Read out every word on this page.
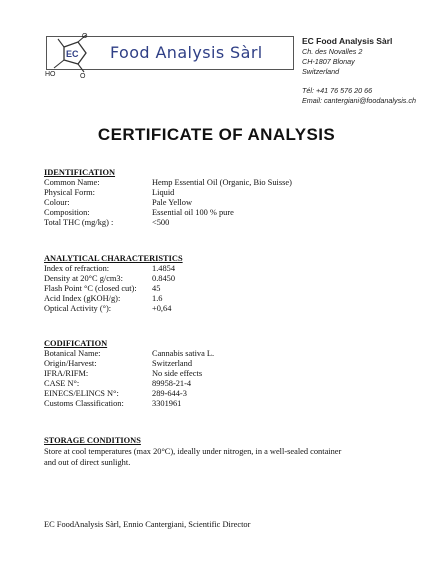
EC
O
HO	O
Food Analysis Sàrl
EC Food Analysis Sàrl
Ch. des Novalles 2
CH-1807 Blonay
Switzerland
Tél: +41 76 576 20 66
Email: cantergiani@foodanalysis.ch
CERTIFICATE OF ANALYSIS
IDENTIFICATION
Common Name:	Hemp Essential Oil (Organic, Bio Suisse)
Physical Form:	Liquid
Colour:	Pale Yellow
Composition:	Essential oil 100 % pure
Total THC (mg/kg) :	<500
ANALYTICAL CHARACTERISTICS
Index of refraction:	1.4854
Density at 20°C g/cm3:	0.8450
Flash Point °C (closed cut):	45
Acid Index (gKOH/g):	1.6
Optical Activity (°):	+0,64
CODIFICATION
Botanical Name:	Cannabis sativa L.
Origin/Harvest:	Switzerland
IFRA/RIFM:	No side effects
CASE N°:	89958-21-4
EINECS/ELINCS N°:	289-644-3
Customs Classification:	3301961
STORAGE CONDITIONS
Store at cool temperatures (max 20°C), ideally under nitrogen, in a well-sealed container
and out of direct sunlight.
EC FoodAnalysis Sàrl, Ennio Cantergiani, Scientific Director
